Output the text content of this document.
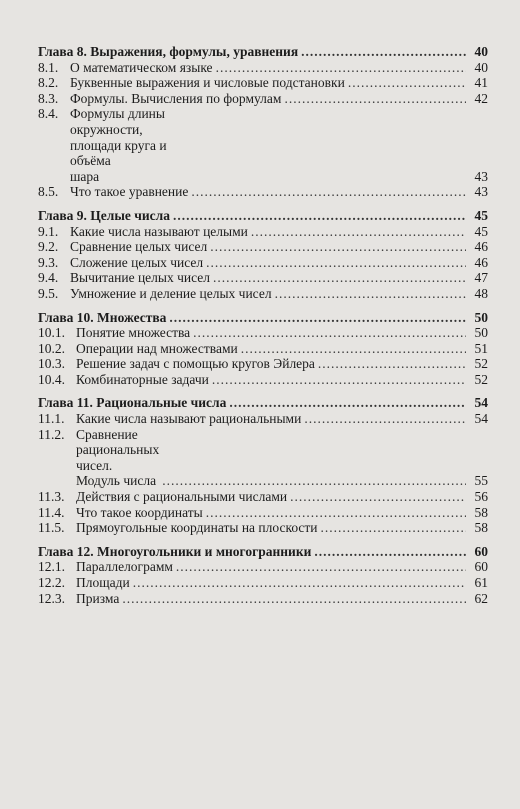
Глава 8. Выражения, формулы, уравнения .....	40
8.1. О математическом языке .....	40
8.2. Буквенные выражения и числовые подстановки .....	41
8.3. Формулы. Вычисления по формулам .....	42
8.4. Формулы длины окружности, площади круга и объёма
шара	43
8.5. Что такое уравнение .....	43
Глава 9. Целые числа .....	45
9.1. Какие числа называют целыми .....	45
9.2. Сравнение целых чисел .....	46
9.3. Сложение целых чисел .....	46
9.4. Вычитание целых чисел .....	47
9.5. Умножение и деление целых чисел .....	48
Глава 10. Множества .....	50
10.1. Понятие множества .....	50
10.2. Операции над множествами .....	51
10.3. Решение задач с помощью кругов Эйлера .....	52
10.4. Комбинаторные задачи .....	52
Глава 11. Рациональные числа .....	54
11.1. Какие числа называют рациональными .....	54
11.2. Сравнение рациональных чисел.
Модуль числа .....	55
11.3. Действия с рациональными числами .....	56
11.4. Что такое координаты .....	58
11.5. Прямоугольные координаты на плоскости .....	58
Глава 12. Многоугольники и многогранники .....	60
12.1. Параллелограмм .....	60
12.2. Площади .....	61
12.3. Призма .....	62
